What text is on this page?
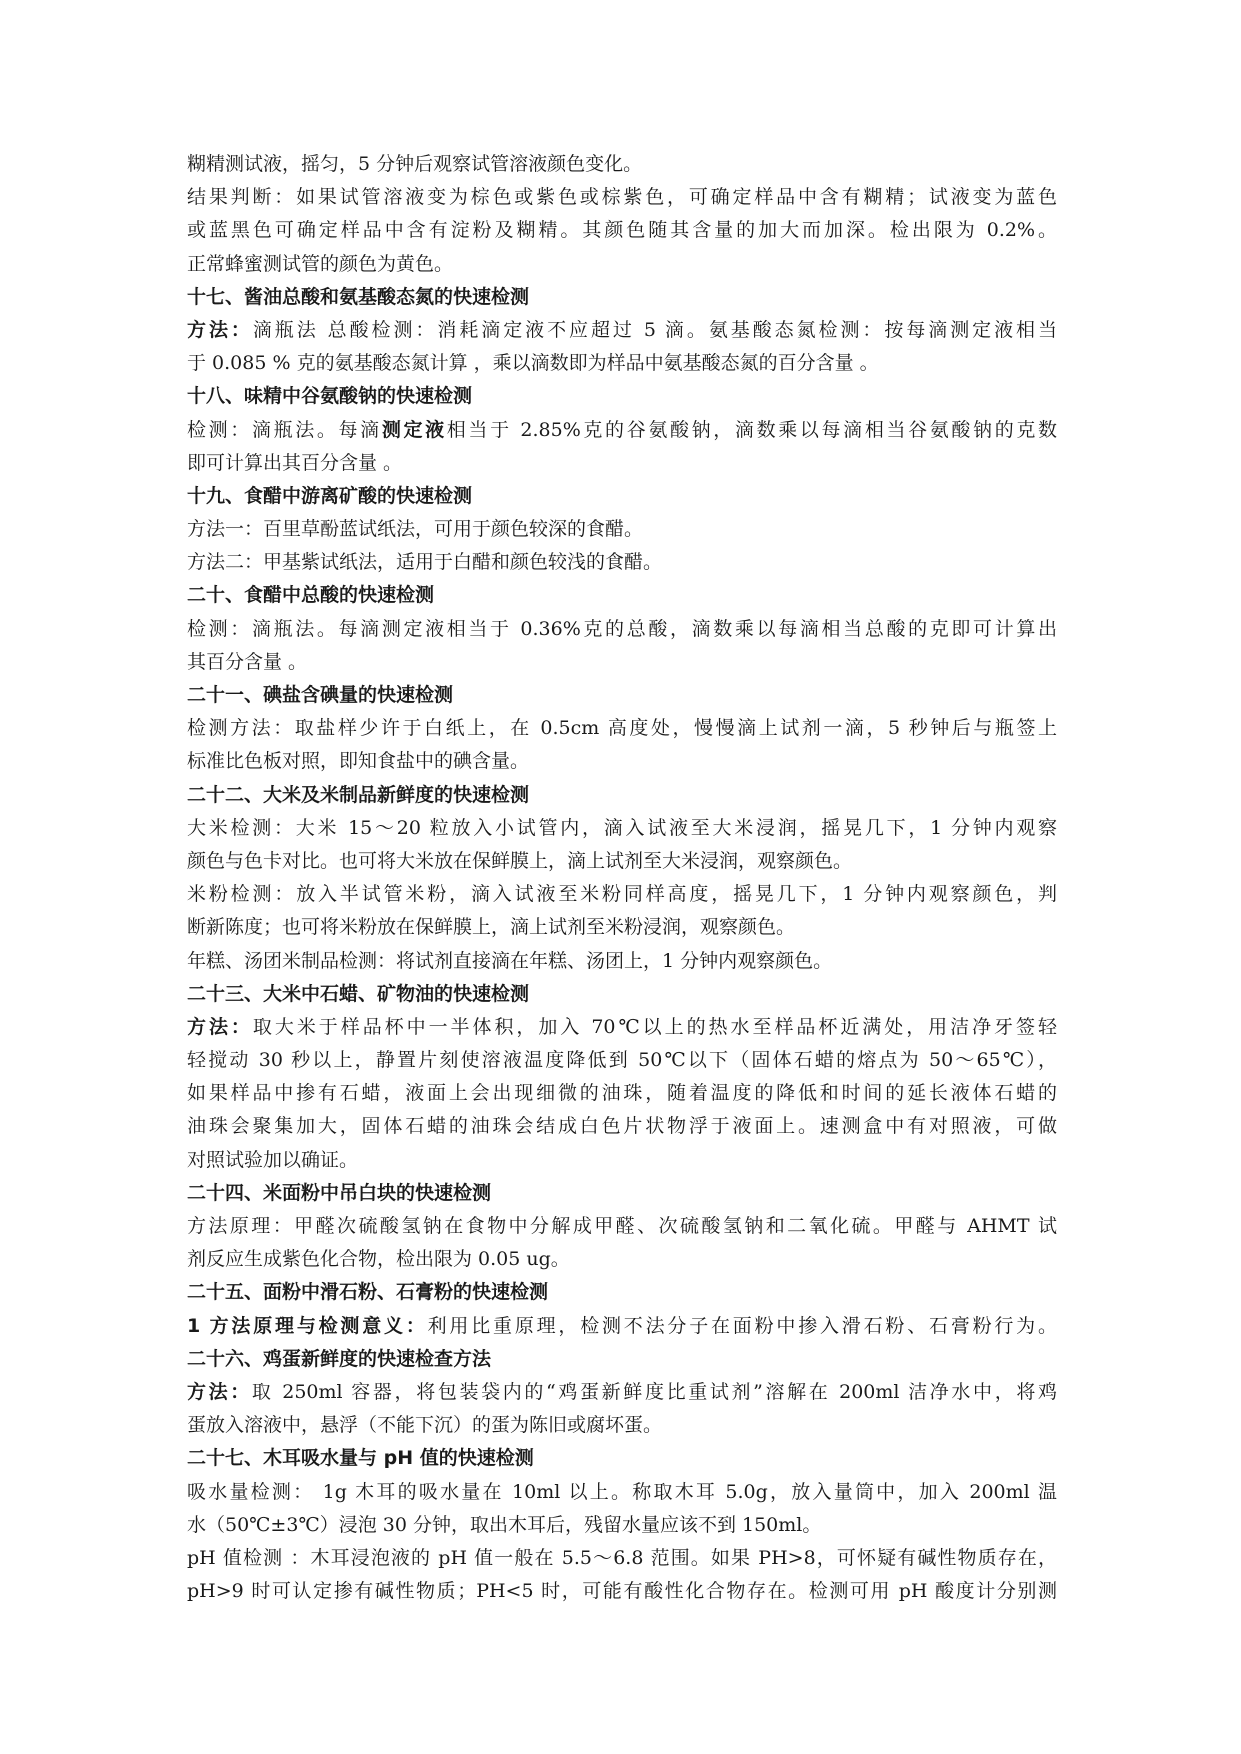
糊精测试液，摇匀，5 分钟后观察试管溶液颜色变化。
结果判断：如果试管溶液变为棕色或紫色或棕紫色，可确定样品中含有糊精；试液变为蓝色
或蓝黑色可确定样品中含有淀粉及糊精。其颜色随其含量的加大而加深。检出限为 0.2%。
正常蜂蜜测试管的颜色为黄色。
十七、酱油总酸和氨基酸态氮的快速检测
方法：滴瓶法 总酸检测：消耗滴定液不应超过 5 滴。氨基酸态氮检测：按每滴测定液相当
于 0.085 % 克的氨基酸态氮计算 ，乘以滴数即为样品中氨基酸态氮的百分含量 。
十八、味精中谷氨酸钠的快速检测
检测：滴瓶法。每滴测定液相当于 2.85%克的谷氨酸钠，滴数乘以每滴相当谷氨酸钠的克数
即可计算出其百分含量 。
十九、食醋中游离矿酸的快速检测
方法一：百里草酚蓝试纸法，可用于颜色较深的食醋。
方法二：甲基紫试纸法，适用于白醋和颜色较浅的食醋。
二十、食醋中总酸的快速检测
检测：滴瓶法。每滴测定液相当于 0.36%克的总酸，滴数乘以每滴相当总酸的克即可计算出
其百分含量 。
二十一、碘盐含碘量的快速检测
检测方法：取盐样少许于白纸上，在 0.5cm 高度处，慢慢滴上试剂一滴，5 秒钟后与瓶签上
标准比色板对照，即知食盐中的碘含量。
二十二、大米及米制品新鲜度的快速检测
大米检测：大米 15～20 粒放入小试管内，滴入试液至大米浸润，摇晃几下，1 分钟内观察
颜色与色卡对比。也可将大米放在保鲜膜上，滴上试剂至大米浸润，观察颜色。
米粉检测：放入半试管米粉，滴入试液至米粉同样高度，摇晃几下，1 分钟内观察颜色，判
断新陈度；也可将米粉放在保鲜膜上，滴上试剂至米粉浸润，观察颜色。
年糕、汤团米制品检测：将试剂直接滴在年糕、汤团上，1 分钟内观察颜色。
二十三、大米中石蜡、矿物油的快速检测
方法：取大米于样品杯中一半体积，加入 70℃以上的热水至样品杯近满处，用洁净牙签轻
轻搅动 30 秒以上，静置片刻使溶液温度降低到 50℃以下（固体石蜡的熔点为 50～65℃），
如果样品中掺有石蜡，液面上会出现细微的油珠，随着温度的降低和时间的延长液体石蜡的
油珠会聚集加大，固体石蜡的油珠会结成白色片状物浮于液面上。速测盒中有对照液，可做
对照试验加以确证。
二十四、米面粉中吊白块的快速检测
方法原理：甲醛次硫酸氢钠在食物中分解成甲醛、次硫酸氢钠和二氧化硫。甲醛与 AHMT 试
剂反应生成紫色化合物，检出限为 0.05 ug。
二十五、面粉中滑石粉、石膏粉的快速检测
1 方法原理与检测意义：利用比重原理，检测不法分子在面粉中掺入滑石粉、石膏粉行为。
二十六、鸡蛋新鲜度的快速检查方法
方法：取 250ml 容器，将包装袋内的“鸡蛋新鲜度比重试剂”溶解在 200ml 洁净水中，将鸡
蛋放入溶液中，悬浮（不能下沉）的蛋为陈旧或腐坏蛋。
二十七、木耳吸水量与 pH 值的快速检测
吸水量检测： 1g 木耳的吸水量在 10ml 以上。称取木耳 5.0g，放入量筒中，加入 200ml 温
水（50℃±3℃）浸泡 30 分钟，取出木耳后，残留水量应该不到 150ml。
pH 值检测 ：木耳浸泡液的 pH 值一般在 5.5～6.8 范围。如果 PH>8，可怀疑有碱性物质存在，
pH>9 时可认定掺有碱性物质；PH<5 时，可能有酸性化合物存在。检测可用 pH 酸度计分别测
